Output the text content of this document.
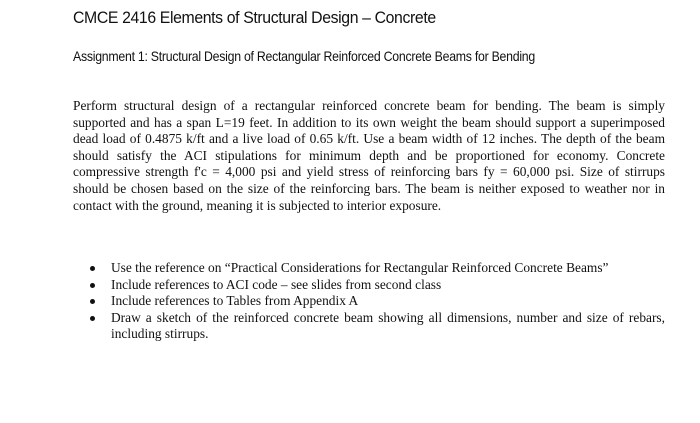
CMCE 2416 Elements of Structural Design – Concrete
Assignment 1: Structural Design of Rectangular Reinforced Concrete Beams for Bending

Perform structural design of a rectangular reinforced concrete beam for bending. The beam is simply supported and has a span L=19 feet. In addition to its own weight the beam should support a superimposed dead load of 0.4875 k/ft and a live load of 0.65 k/ft. Use a beam width of 12 inches. The depth of the beam should satisfy the ACI stipulations for minimum depth and be proportioned for economy. Concrete compressive strength f'c = 4,000 psi and yield stress of reinforcing bars fy = 60,000 psi. Size of stirrups should be chosen based on the size of the reinforcing bars. The beam is neither exposed to weather nor in contact with the ground, meaning it is subjected to interior exposure.

Use the reference on “Practical Considerations for Rectangular Reinforced Concrete Beams”
Include references to ACI code – see slides from second class
Include references to Tables from Appendix A
Draw a sketch of the reinforced concrete beam showing all dimensions, number and size of rebars, including stirrups.
